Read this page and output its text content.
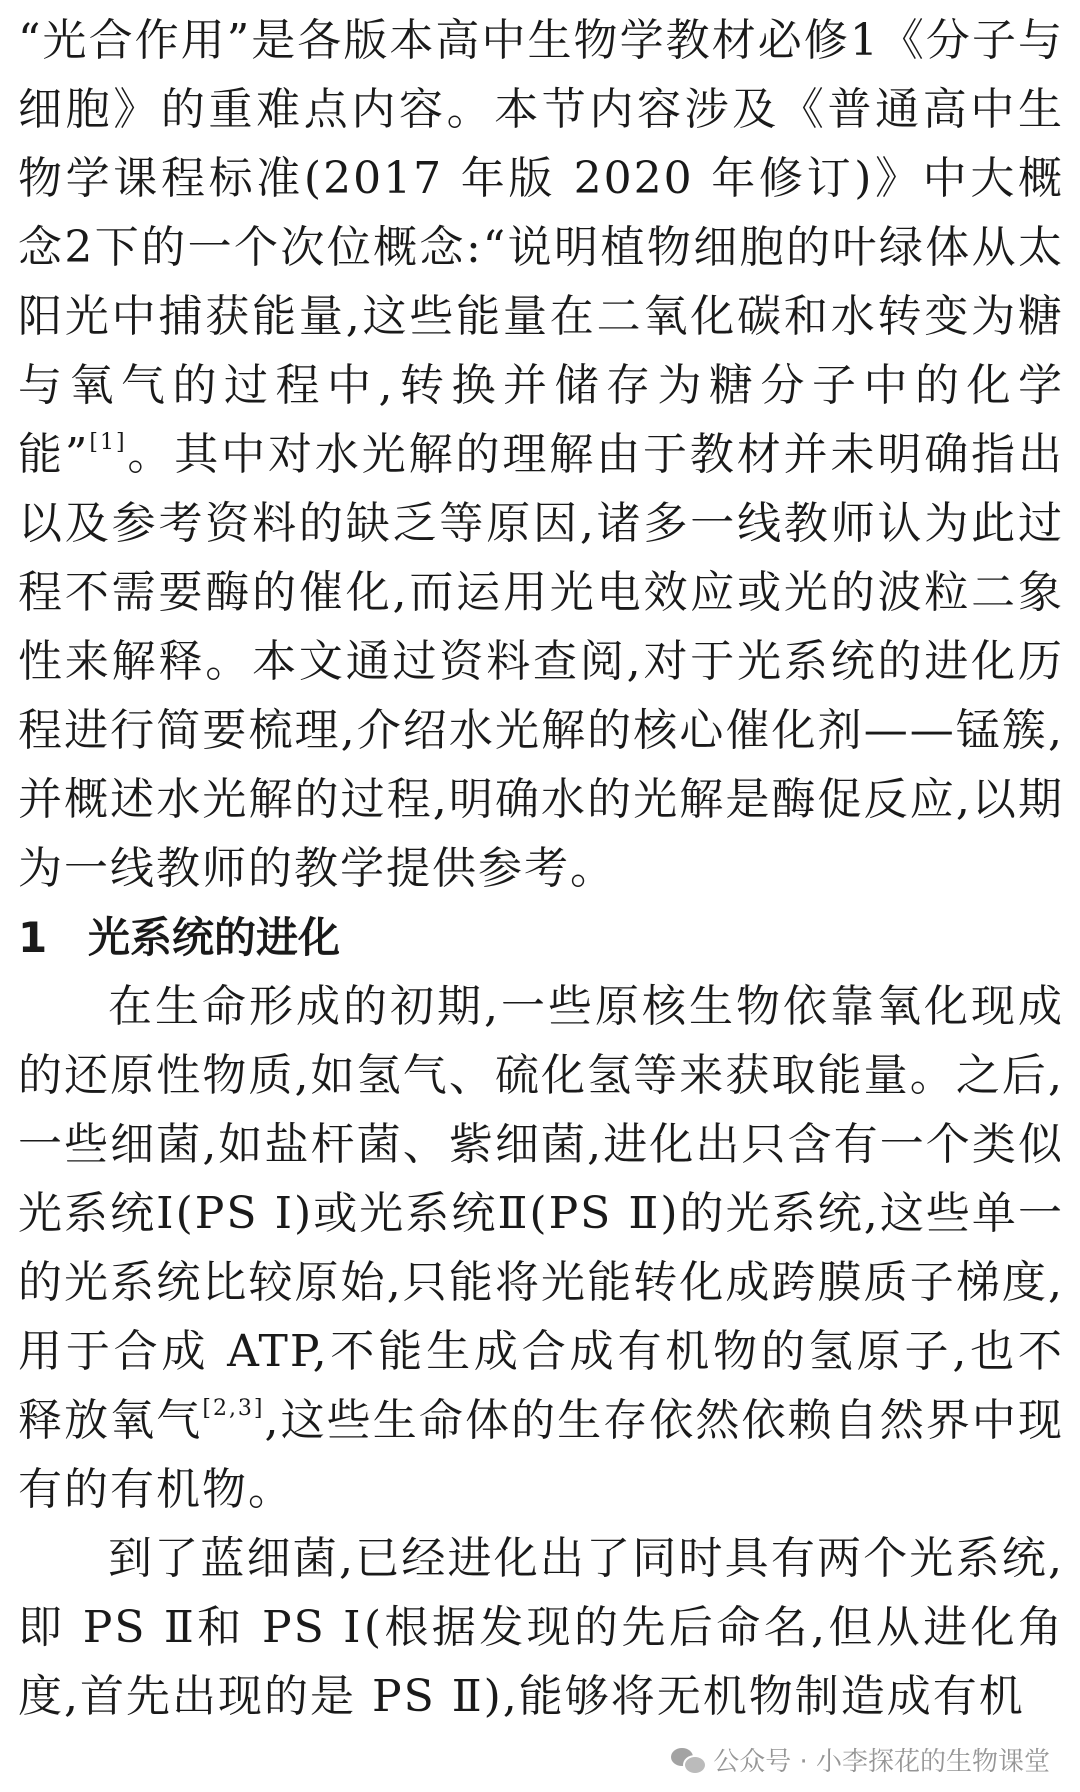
“光合作用”是各版本高中生物学教材必修1《分子与细胞》的重难点内容。本节内容涉及《普通高中生物学课程标准(2017 年版 2020 年修订)》中大概念2下的一个次位概念:“说明植物细胞的叶绿体从太阳光中捕获能量,这些能量在二氧化碳和水转变为糖与氧气的过程中,转换并储存为糖分子中的化学能”[1]。其中对水光解的理解由于教材并未明确指出以及参考资料的缺乏等原因,诸多一线教师认为此过程不需要酶的催化,而运用光电效应或光的波粒二象性来解释。本文通过资料查阅,对于光系统的进化历程进行简要梳理,介绍水光解的核心催化剂——锰簇,并概述水光解的过程,明确水的光解是酶促反应,以期为一线教师的教学提供参考。

1 光系统的进化

在生命形成的初期,一些原核生物依靠氧化现成的还原性物质,如氢气、硫化氢等来获取能量。之后,一些细菌,如盐杆菌、紫细菌,进化出只含有一个类似光系统Ⅰ(PS Ⅰ)或光系统Ⅱ(PS Ⅱ)的光系统,这些单一的光系统比较原始,只能将光能转化成跨膜质子梯度,用于合成 ATP,不能生成合成有机物的氢原子,也不释放氧气[2,3],这些生命体的生存依然依赖自然界中现有的有机物。

到了蓝细菌,已经进化出了同时具有两个光系统,即 PS Ⅱ和 PS Ⅰ(根据发现的先后命名,但从进化角度,首先出现的是 PS Ⅱ),能够将无机物制造成有机

公众号 · 小李探花的生物课堂
